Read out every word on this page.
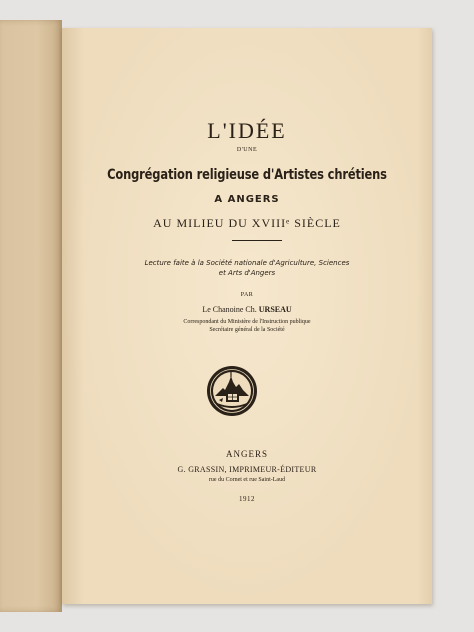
L'IDÉE
D'UNE
Congrégation religieuse d'Artistes chrétiens
A ANGERS
AU MILIEU DU XVIIIᵉ SIÈCLE
Lecture faite à la Société nationale d'Agriculture, Sciences
et Arts d'Angers
PAR
Le Chanoine Ch. URSEAU
Correspondant du Ministère de l'Instruction publique
Secrétaire général de la Société
ANGERS
G. GRASSIN, IMPRIMEUR-ÉDITEUR
rue du Cornet et rue Saint-Laud
1912
